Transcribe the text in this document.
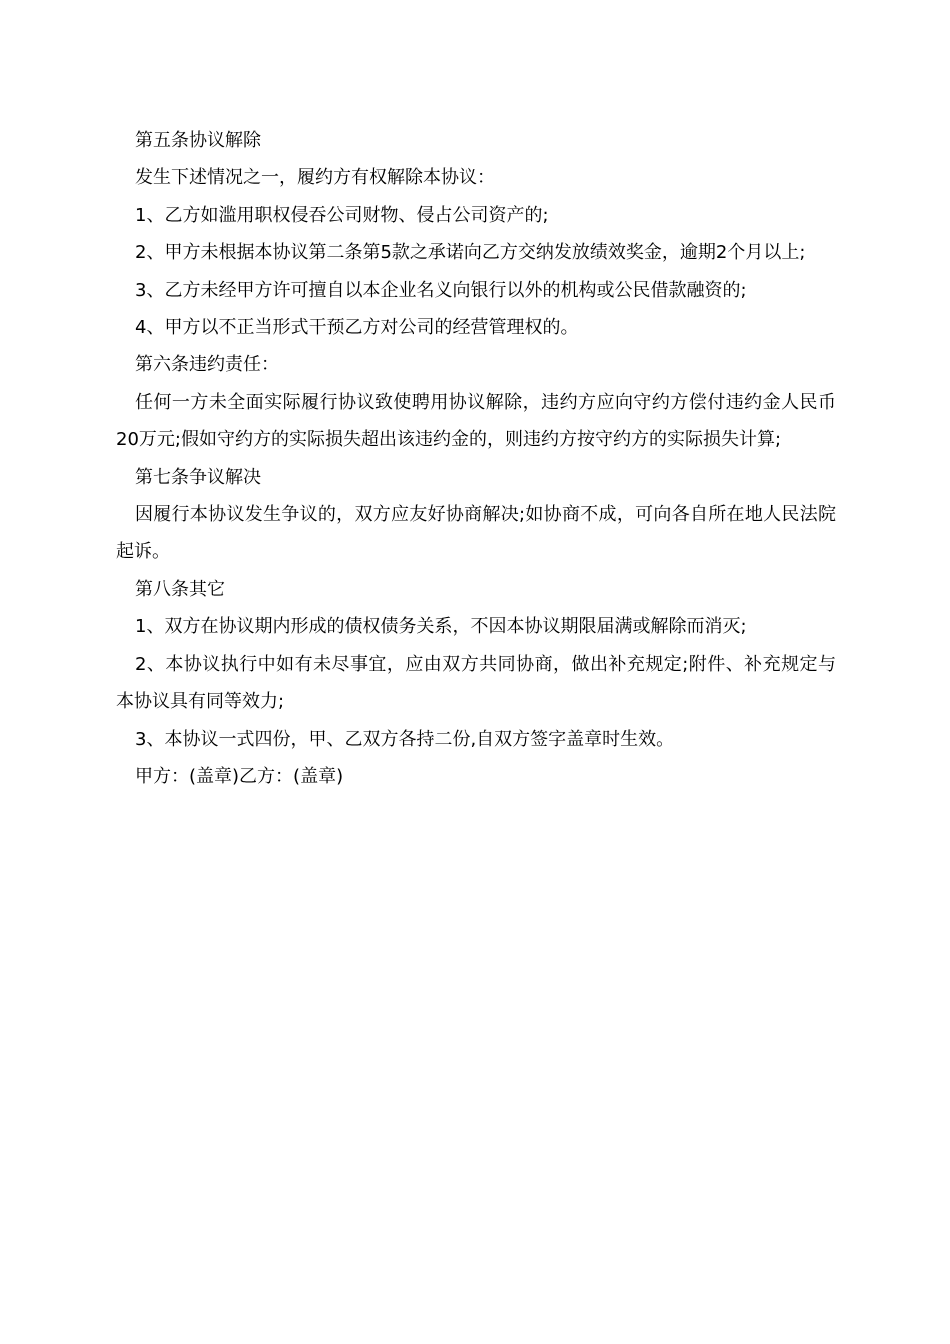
第五条协议解除

发生下述情况之一，履约方有权解除本协议：

1、乙方如滥用职权侵吞公司财物、侵占公司资产的;

2、甲方未根据本协议第二条第5款之承诺向乙方交纳发放绩效奖金，逾期2个月以上;

3、乙方未经甲方许可擅自以本企业名义向银行以外的机构或公民借款融资的;

4、甲方以不正当形式干预乙方对公司的经营管理权的。

第六条违约责任：

任何一方未全面实际履行协议致使聘用协议解除，违约方应向守约方偿付违约金人民币20万元;假如守约方的实际损失超出该违约金的，则违约方按守约方的实际损失计算;

第七条争议解决

因履行本协议发生争议的，双方应友好协商解决;如协商不成，可向各自所在地人民法院起诉。

第八条其它

1、双方在协议期内形成的债权债务关系，不因本协议期限届满或解除而消灭;

2、本协议执行中如有未尽事宜，应由双方共同协商，做出补充规定;附件、补充规定与本协议具有同等效力;

3、本协议一式四份，甲、乙双方各持二份,自双方签字盖章时生效。

甲方：(盖章)乙方：(盖章)
